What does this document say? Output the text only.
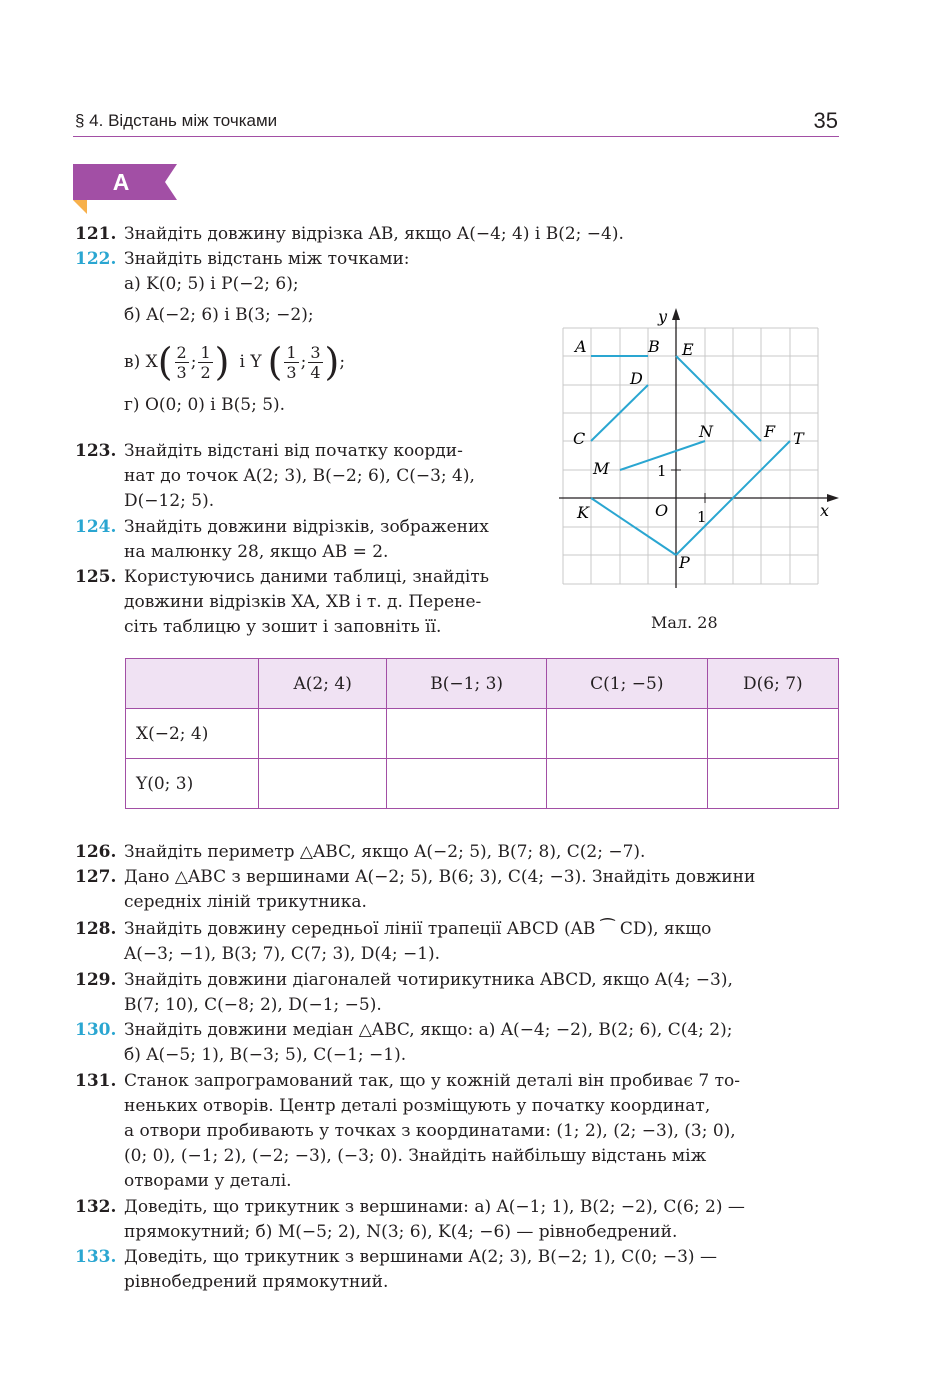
§ 4. Відстань між точками	35
A
121. Знайдіть довжину відрізка AB, якщо A(−4; 4) і B(2; −4).
122. Знайдіть відстань між точками:
а) K(0; 5) і P(−2; 6);
б) A(−2; 6) і B(3; −2);
в) X ( $\frac{2}{3}$ ; $\frac{1}{2}$ ) і Y ( $\frac{1}{3}$ ; $\frac{3}{4}$ ) ;
г) O(0; 0) і B(5; 5).
123. Знайдіть відстані від початку коорди-
нат до точок A(2; 3), B(−2; 6), C(−3; 4),
D(−12; 5).
124. Знайдіть довжини відрізків, зображених
на малюнку 28, якщо AB = 2.
125. Користуючись даними таблиці, знайдіть
довжини відрізків XA, XB і т. д. Перене-
сіть таблицю у зошит і заповніть її.
A	B
D
E
C	N	F T
M	1
K	O 1
P
x
y
Мал. 28
	A(2; 4)	B(−1; 3)	C(1; −5)	D(6; 7)
X(−2; 4)				
Y(0; 3)				
126. Знайдіть периметр △ABC, якщо A(−2; 5), B(7; 8), C(2; −7).
127. Дано △ABC з вершинами A(−2; 5), B(6; 3), C(4; −3). Знайдіть довжини
середніх ліній трикутника.
128. Знайдіть довжину середньої лінії трапеції ABCD (AB ⁀ CD), якщо
A(−3; −1), B(3; 7), C(7; 3), D(4; −1).
129. Знайдіть довжини діагоналей чотирикутника ABCD, якщо A(4; −3),
B(7; 10), C(−8; 2), D(−1; −5).
130. Знайдіть довжини медіан △ABC, якщо: а) A(−4; −2), B(2; 6), C(4; 2);
б) A(−5; 1), B(−3; 5), C(−1; −1).
131. Станок запрограмований так, що у кожній деталі він пробиває 7 то-
неньких отворів. Центр деталі розміщують у початку координат,
а отвори пробивають у точках з координатами: (1; 2), (2; −3), (3; 0),
(0; 0), (−1; 2), (−2; −3), (−3; 0). Знайдіть найбільшу відстань між
отворами у деталі.
132. Доведіть, що трикутник з вершинами: а) A(−1; 1), B(2; −2), C(6; 2) —
прямокутний; б) M(−5; 2), N(3; 6), K(4; −6) — рівнобедрений.
133. Доведіть, що трикутник з вершинами A(2; 3), B(−2; 1), C(0; −3) —
рівнобедрений прямокутний.
